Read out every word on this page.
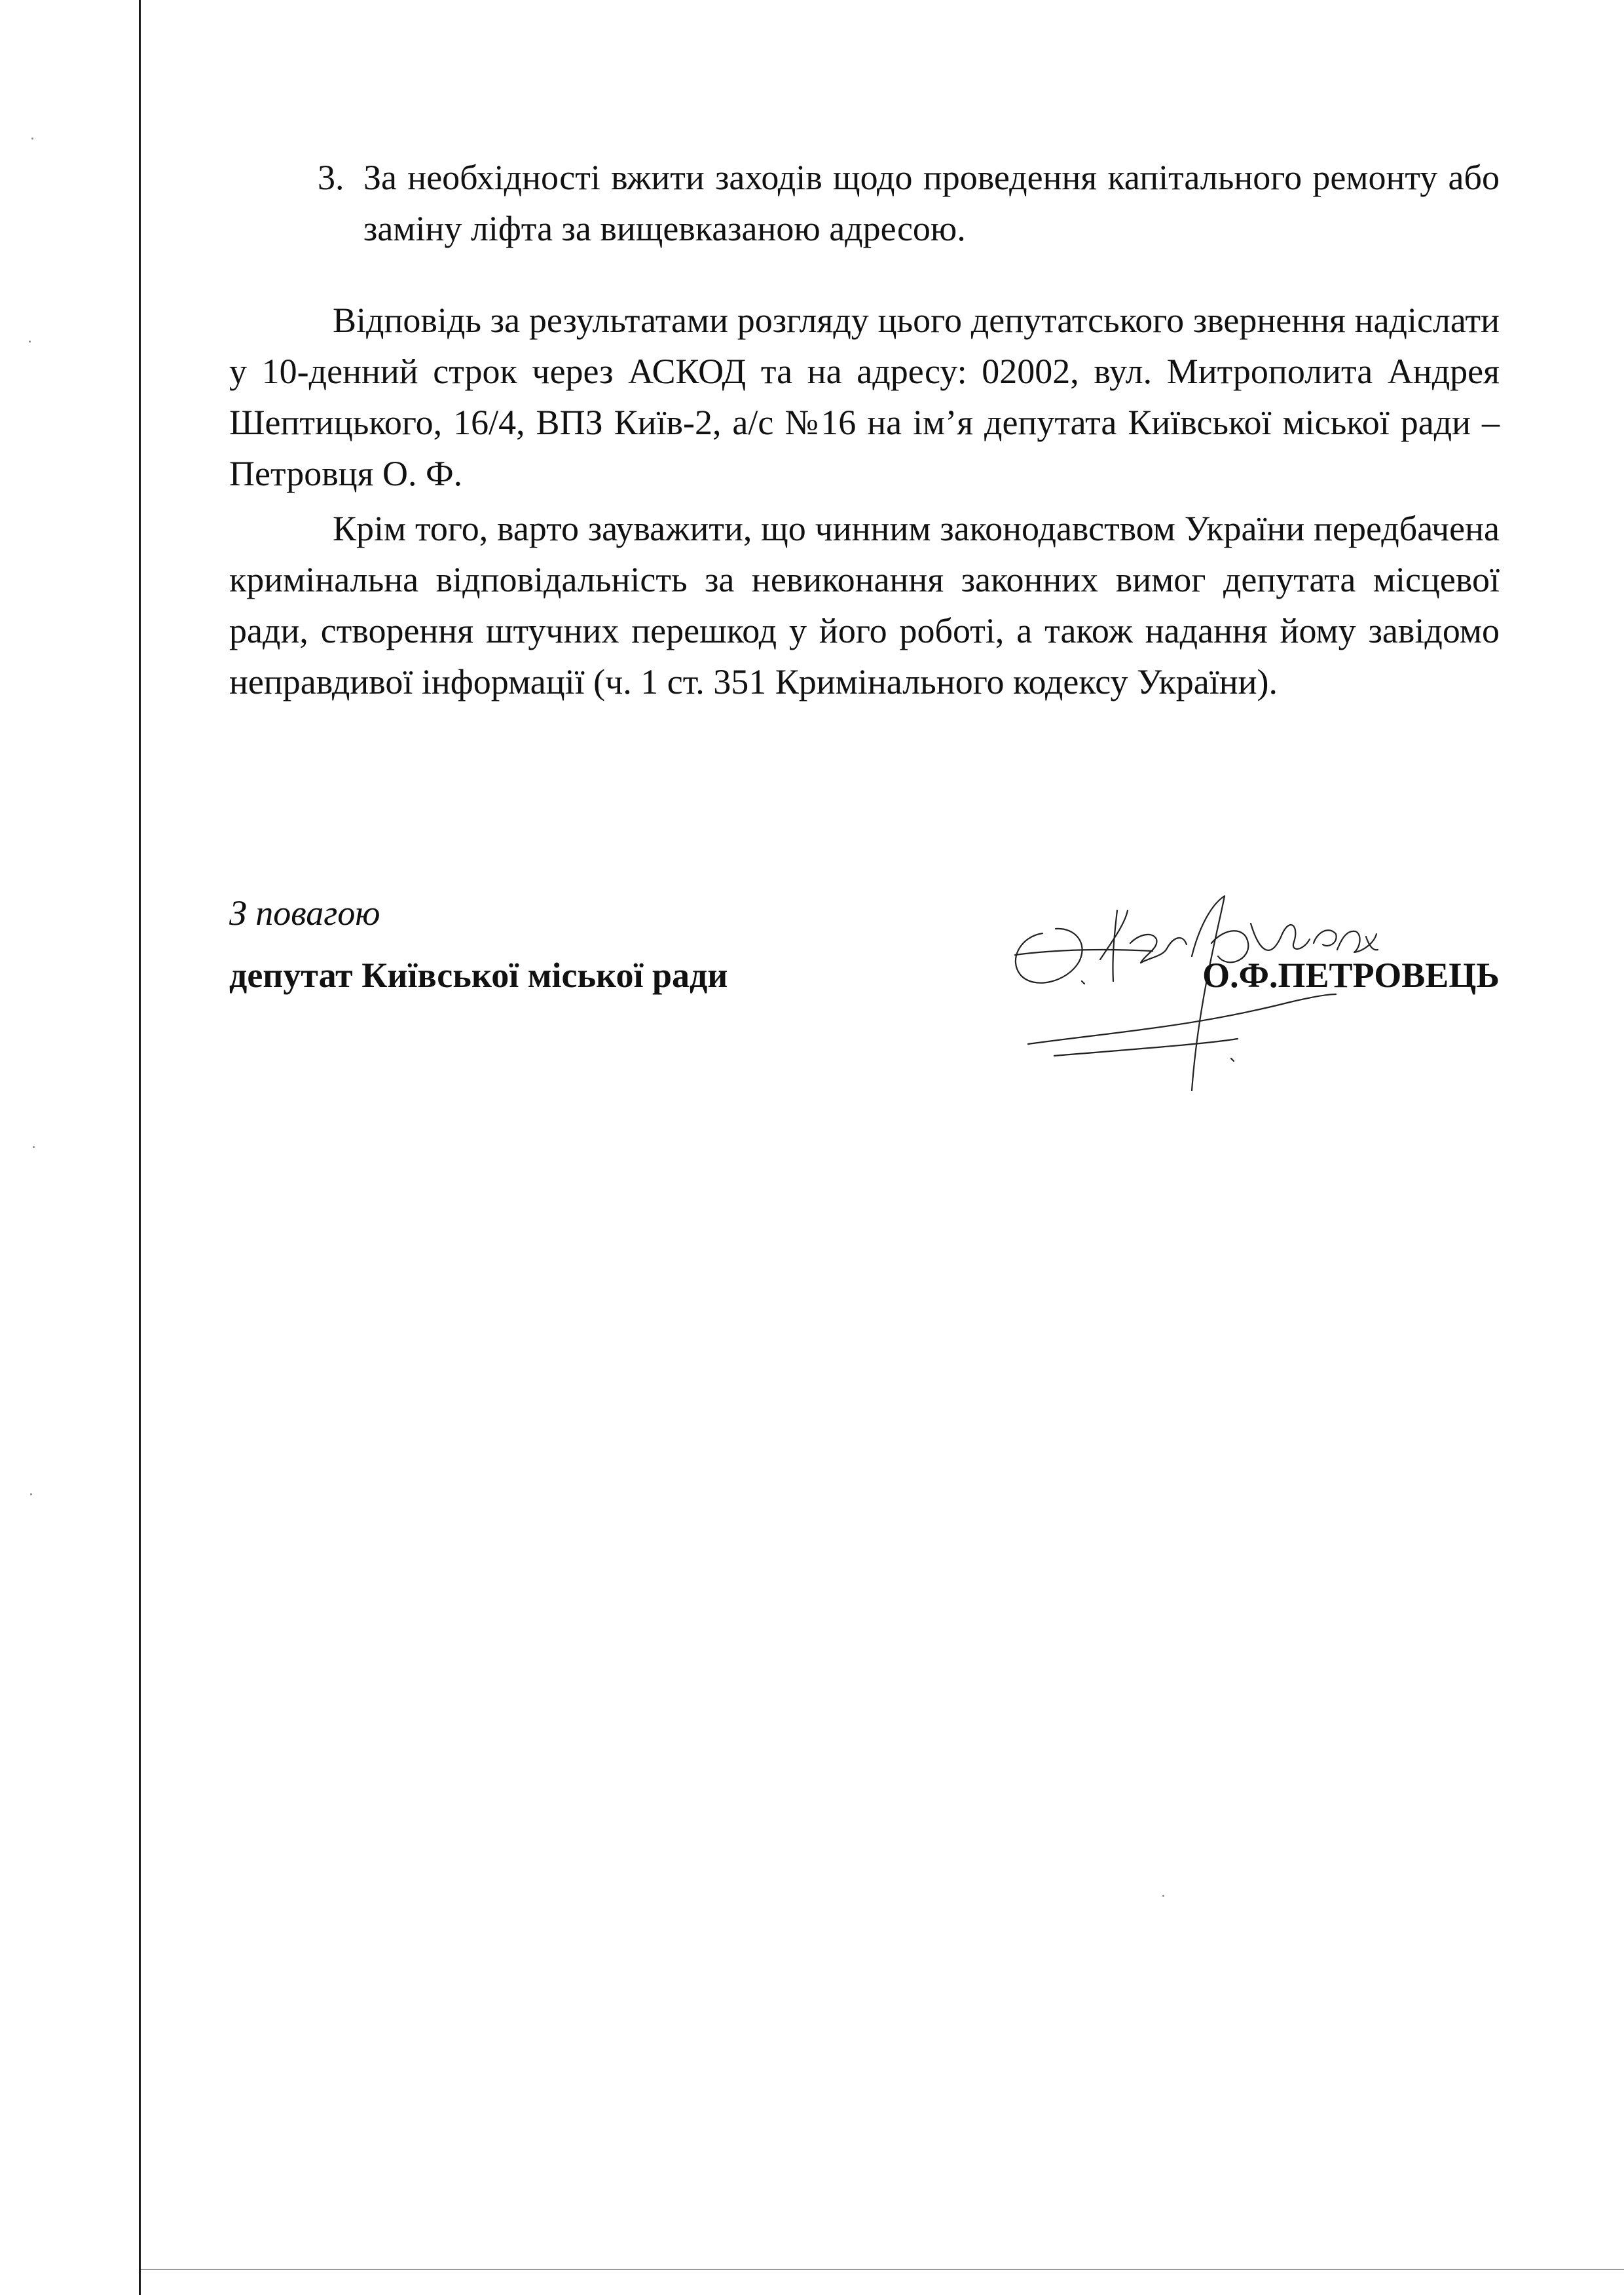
3. За необхідності вжити заходів щодо проведення капітального ремонту або заміну ліфта за вищевказаною адресою.
Відповідь за результатами розгляду цього депутатського звернення надіслати у 10-денний строк через АСКОД та на адресу: 02002, вул. Митрополита Андрея Шептицького, 16/4, ВПЗ Київ-2, а/с №16 на ім’я депутата Київської міської ради – Петровця О. Ф.
Крім того, варто зауважити, що чинним законодавством України передбачена кримінальна відповідальність за невиконання законних вимог депутата місцевої ради, створення штучних перешкод у його роботі, а також надання йому завідомо неправдивої інформації (ч. 1 ст. 351 Кримінального кодексу України).
З повагою
депутат Київської міської ради	О.Ф.ПЕТРОВЕЦЬ
